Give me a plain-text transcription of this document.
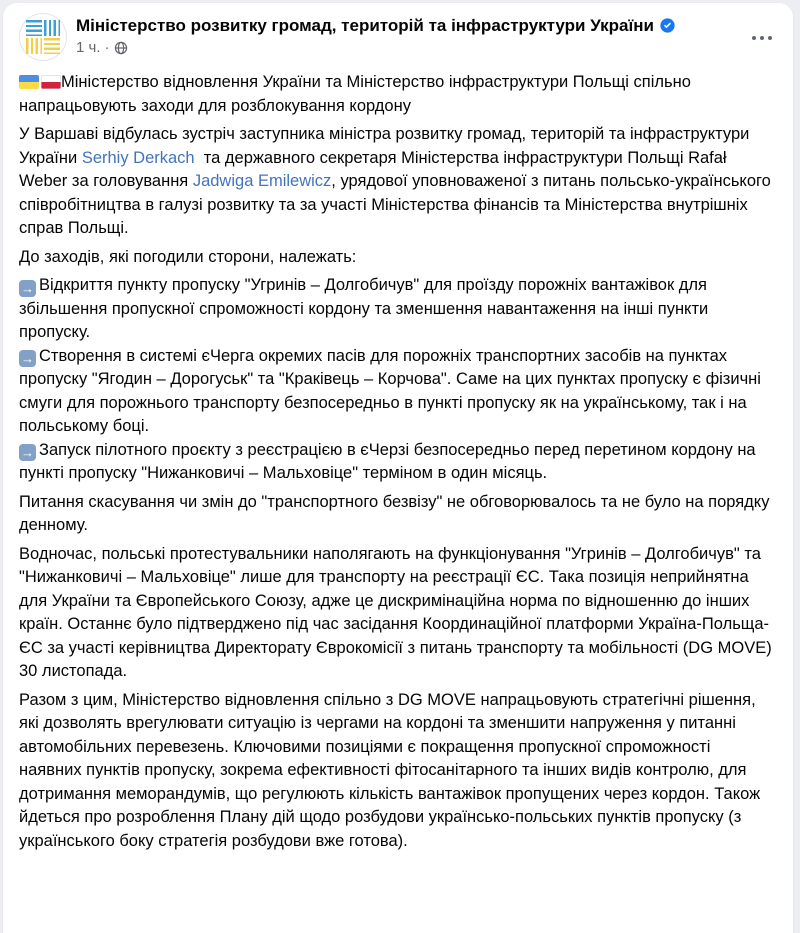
Міністерство розвитку громад, територій та інфраструктури України
1 ч. ·

Міністерство відновлення України та Міністерство інфраструктури Польщі спільно напрацьовують заходи для розблокування кордону

У Варшаві відбулась зустріч заступника міністра розвитку громад, територій та інфраструктури України Serhiy Derkach  та державного секретаря Міністерства інфраструктури Польщі Rafał Weber за головування Jadwiga Emilewicz, урядової уповноваженої з питань польсько-українського співробітництва в галузі розвитку та за участі Міністерства фінансів та Міністерства внутрішніх справ Польщі.

До заходів, які погодили сторони, належать:

→ Відкриття пункту пропуску "Угринів – Долгобичув" для проїзду порожніх вантажівок для збільшення пропускної спроможності кордону та зменшення навантаження на інші пункти пропуску.
→ Створення в системі єЧерга окремих пасів для порожніх транспортних засобів на пунктах пропуску "Ягодин – Дорогуськ" та "Краківець – Корчова". Саме на цих пунктах пропуску є фізичні смуги для порожнього транспорту безпосередньо в пункті пропуску як на українському, так і на польському боці.
→ Запуск пілотного проєкту з реєстрацією в єЧерзі безпосередньо перед перетином кордону на пункті пропуску "Нижанковичі – Мальховіце" терміном в один місяць.

Питання скасування чи змін до "транспортного безвізу" не обговорювалось та не було на порядку денному.

Водночас, польські протестувальники наполягають на функціонування "Угринів – Долгобичув" та "Нижанковичі – Мальховіце" лише для транспорту на реєстрації ЄС. Така позиція неприйнятна для України та Європейського Союзу, адже це дискримінаційна норма по відношенню до інших країн. Останнє було підтверджено під час засідання Координаційної платформи Україна-Польща-ЄС за участі керівництва Директорату Єврокомісії з питань транспорту та мобільності (DG MOVE) 30 листопада.

Разом з цим, Міністерство відновлення спільно з DG MOVE напрацьовують стратегічні рішення, які дозволять врегулювати ситуацію із чергами на кордоні та зменшити напруження у питанні автомобільних перевезень. Ключовими позиціями є покращення пропускної спроможності наявних пунктів пропуску, зокрема ефективності фітосанітарного та інших видів контролю, для дотримання меморандумів, що регулюють кількість вантажівок пропущених через кордон. Також йдеться про розроблення Плану дій щодо розбудови українсько-польських пунктів пропуску (з українського боку стратегія розбудови вже готова).
